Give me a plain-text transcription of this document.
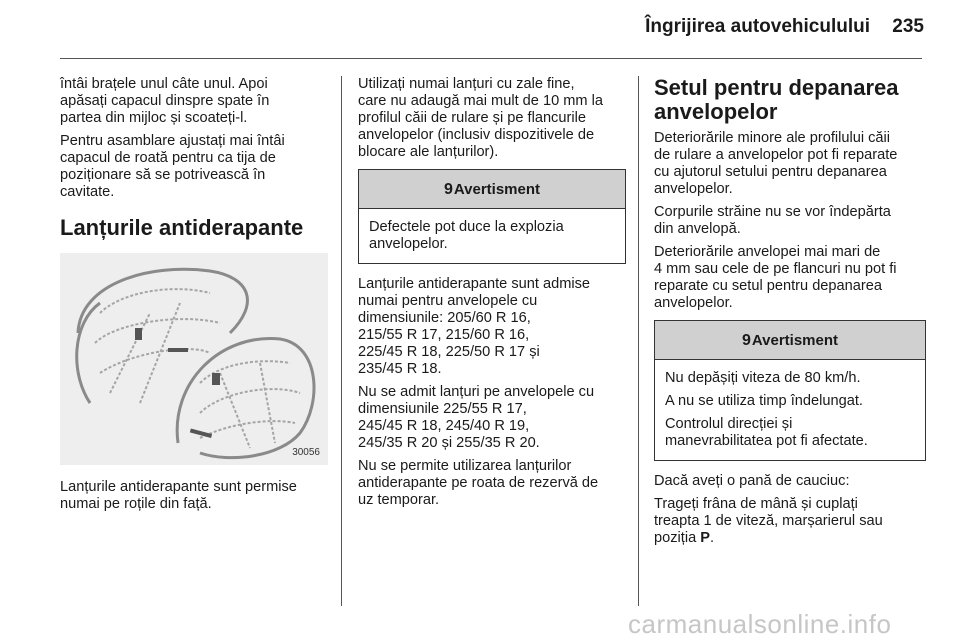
Îngrijirea autovehiculului	235

întâi brațele unul câte unul. Apoi
apăsați capacul dinspre spate în
partea din mijloc și scoateți-l.

Pentru asamblare ajustați mai întâi
capacul de roată pentru ca tija de
poziționare să se potrivească în
cavitate.

Lanțurile antiderapante
30056

Lanțurile antiderapante sunt permise
numai pe roțile din față.

Utilizați numai lanțuri cu zale fine,
care nu adaugă mai mult de 10 mm la
profilul căii de rulare și pe flancurile
anvelopelor (inclusiv dispozitivele de
blocare ale lanțurilor).

9 Avertisment

Defectele pot duce la explozia
anvelopelor.

Lanțurile antiderapante sunt admise
numai pentru anvelopele cu
dimensiunile: 205/60 R 16,
215/55 R 17, 215/60 R 16,
225/45 R 18, 225/50 R 17 și
235/45 R 18.

Nu se admit lanțuri pe anvelopele cu
dimensiunile 225/55 R 17,
245/45 R 18, 245/40 R 19,
245/35 R 20 și 255/35 R 20.

Nu se permite utilizarea lanțurilor
antiderapante pe roata de rezervă de
uz temporar.

Setul pentru depanarea
anvelopelor

Deteriorările minore ale profilului căii
de rulare a anvelopelor pot fi reparate
cu ajutorul setului pentru depanarea
anvelopelor.

Corpurile străine nu se vor îndepărta
din anvelopă.

Deteriorările anvelopei mai mari de
4 mm sau cele de pe flancuri nu pot fi
reparate cu setul pentru depanarea
anvelopelor.

9 Avertisment

Nu depășiți viteza de 80 km/h.

A nu se utiliza timp îndelungat.

Controlul direcției și
manevrabilitatea pot fi afectate.

Dacă aveți o pană de cauciuc:

Trageți frâna de mână și cuplați
treapta 1 de viteză, marșarierul sau
poziția P.

carmanualsonline.info
